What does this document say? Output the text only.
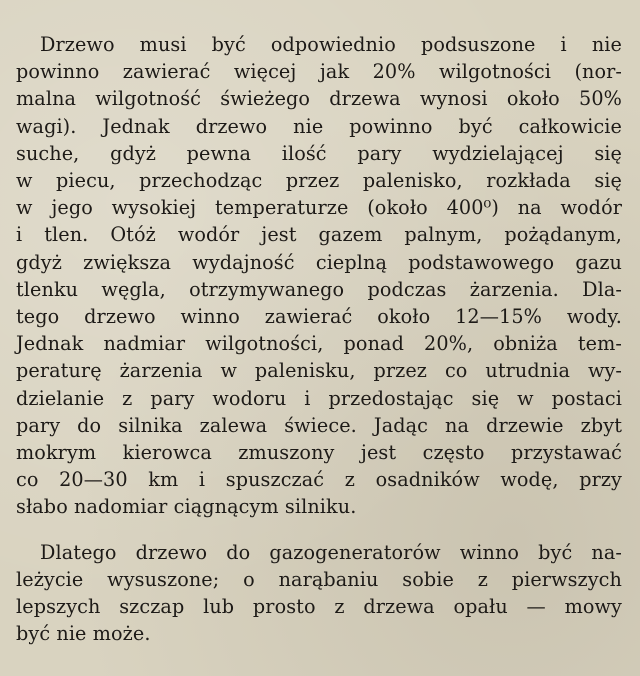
Drzewo musi być odpowiednio podsuszone i nie
powinno zawierać więcej jak 20% wilgotności (nor-
malna wilgotność świeżego drzewa wynosi około 50%
wagi). Jednak drzewo nie powinno być całkowicie
suche, gdyż pewna ilość pary wydzielającej się
w piecu, przechodząc przez palenisko, rozkłada się
w jego wysokiej temperaturze (około 400⁰) na wodór
i tlen. Otóż wodór jest gazem palnym, pożądanym,
gdyż zwiększa wydajność cieplną podstawowego gazu
tlenku węgla, otrzymywanego podczas żarzenia. Dla-
tego drzewo winno zawierać około 12—15% wody.
Jednak nadmiar wilgotności, ponad 20%, obniża tem-
peraturę żarzenia w palenisku, przez co utrudnia wy-
dzielanie z pary wodoru i przedostając się w postaci
pary do silnika zalewa świece. Jadąc na drzewie zbyt
mokrym kierowca zmuszony jest często przystawać
co 20—30 km i spuszczać z osadników wodę, przy
słabo nadomiar ciągnącym silniku.
Dlatego drzewo do gazogeneratorów winno być na-
leżycie wysuszone; o narąbaniu sobie z pierwszych
lepszych szczap lub prosto z drzewa opału — mowy
być nie może.
